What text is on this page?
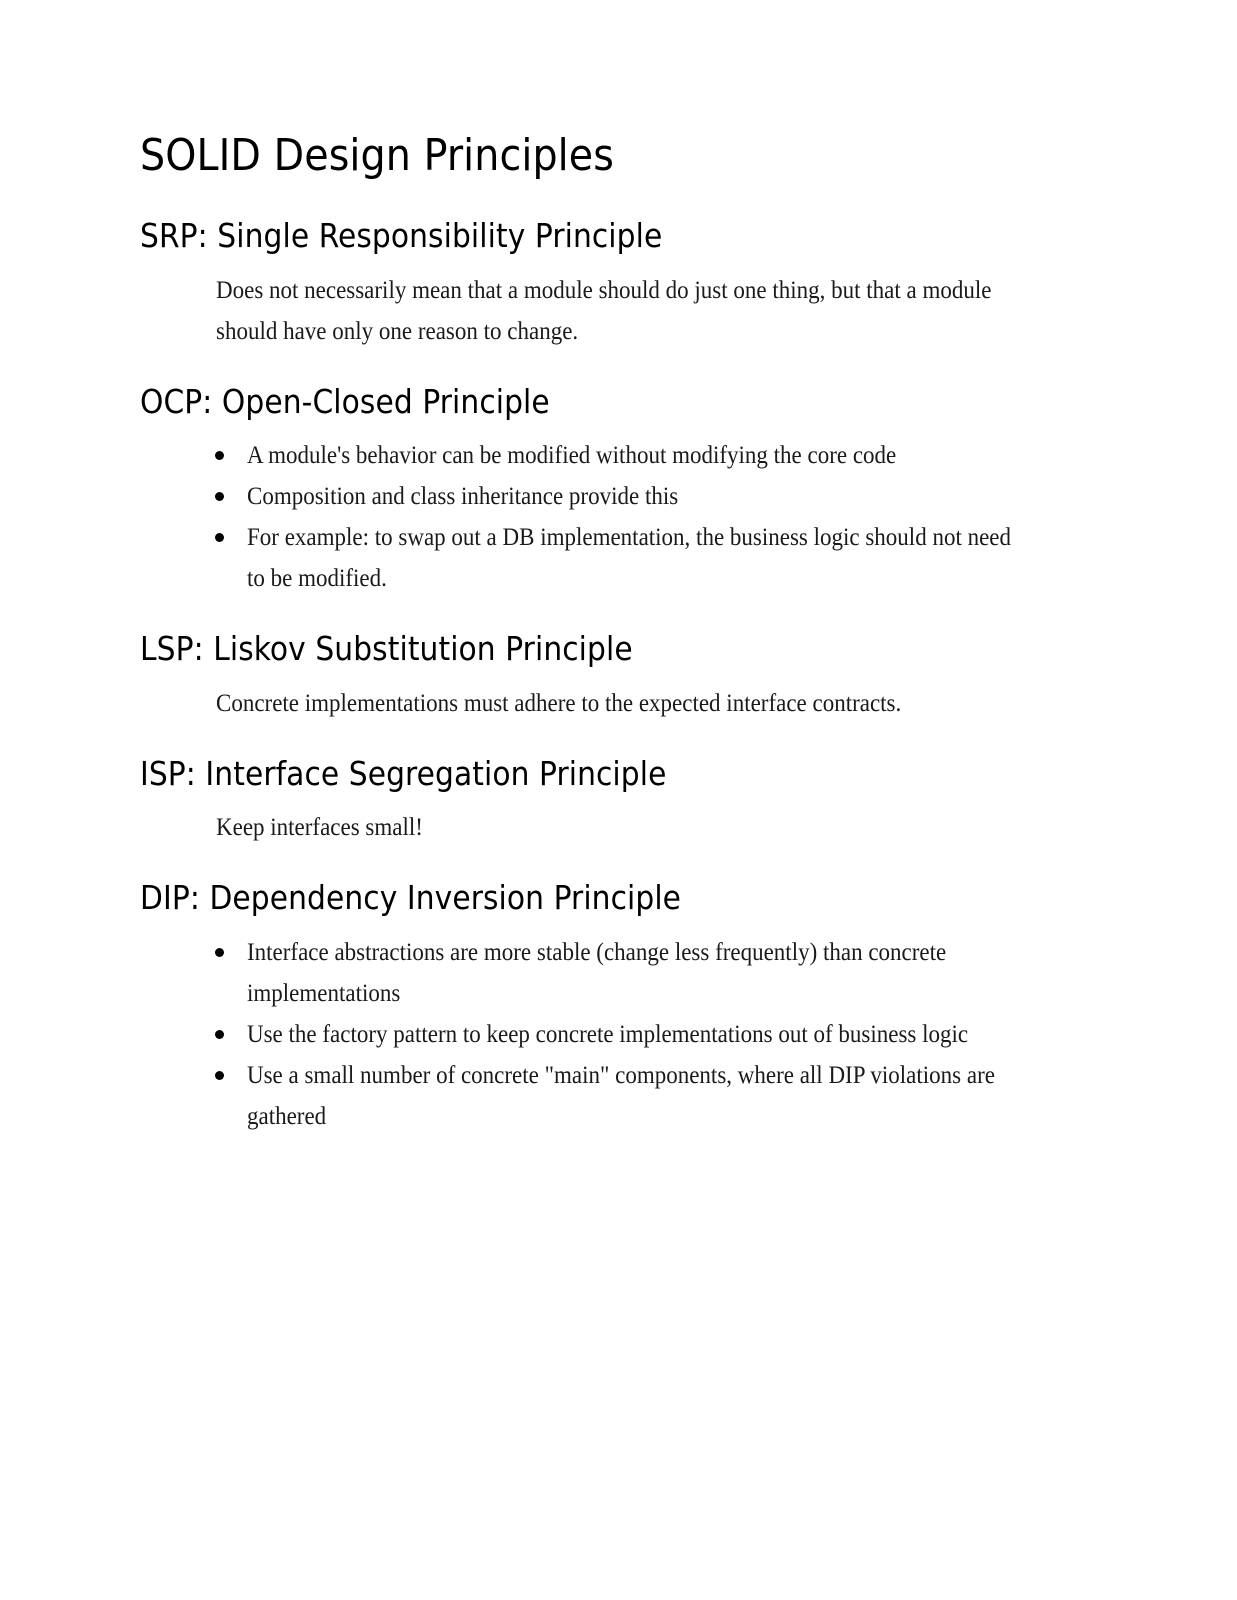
SOLID Design Principles
SRP: Single Responsibility Principle

Does not necessarily mean that a module should do just one thing, but that a module should have only one reason to change.

OCP: Open-Closed Principle
A module's behavior can be modified without modifying the core code
Composition and class inheritance provide this
For example: to swap out a DB implementation, the business logic should not need to be modified.
LSP: Liskov Substitution Principle

Concrete implementations must adhere to the expected interface contracts.

ISP: Interface Segregation Principle

Keep interfaces small!

DIP: Dependency Inversion Principle
Interface abstractions are more stable (change less frequently) than concrete implementations
Use the factory pattern to keep concrete implementations out of business logic
Use a small number of concrete "main" components, where all DIP violations are gathered
